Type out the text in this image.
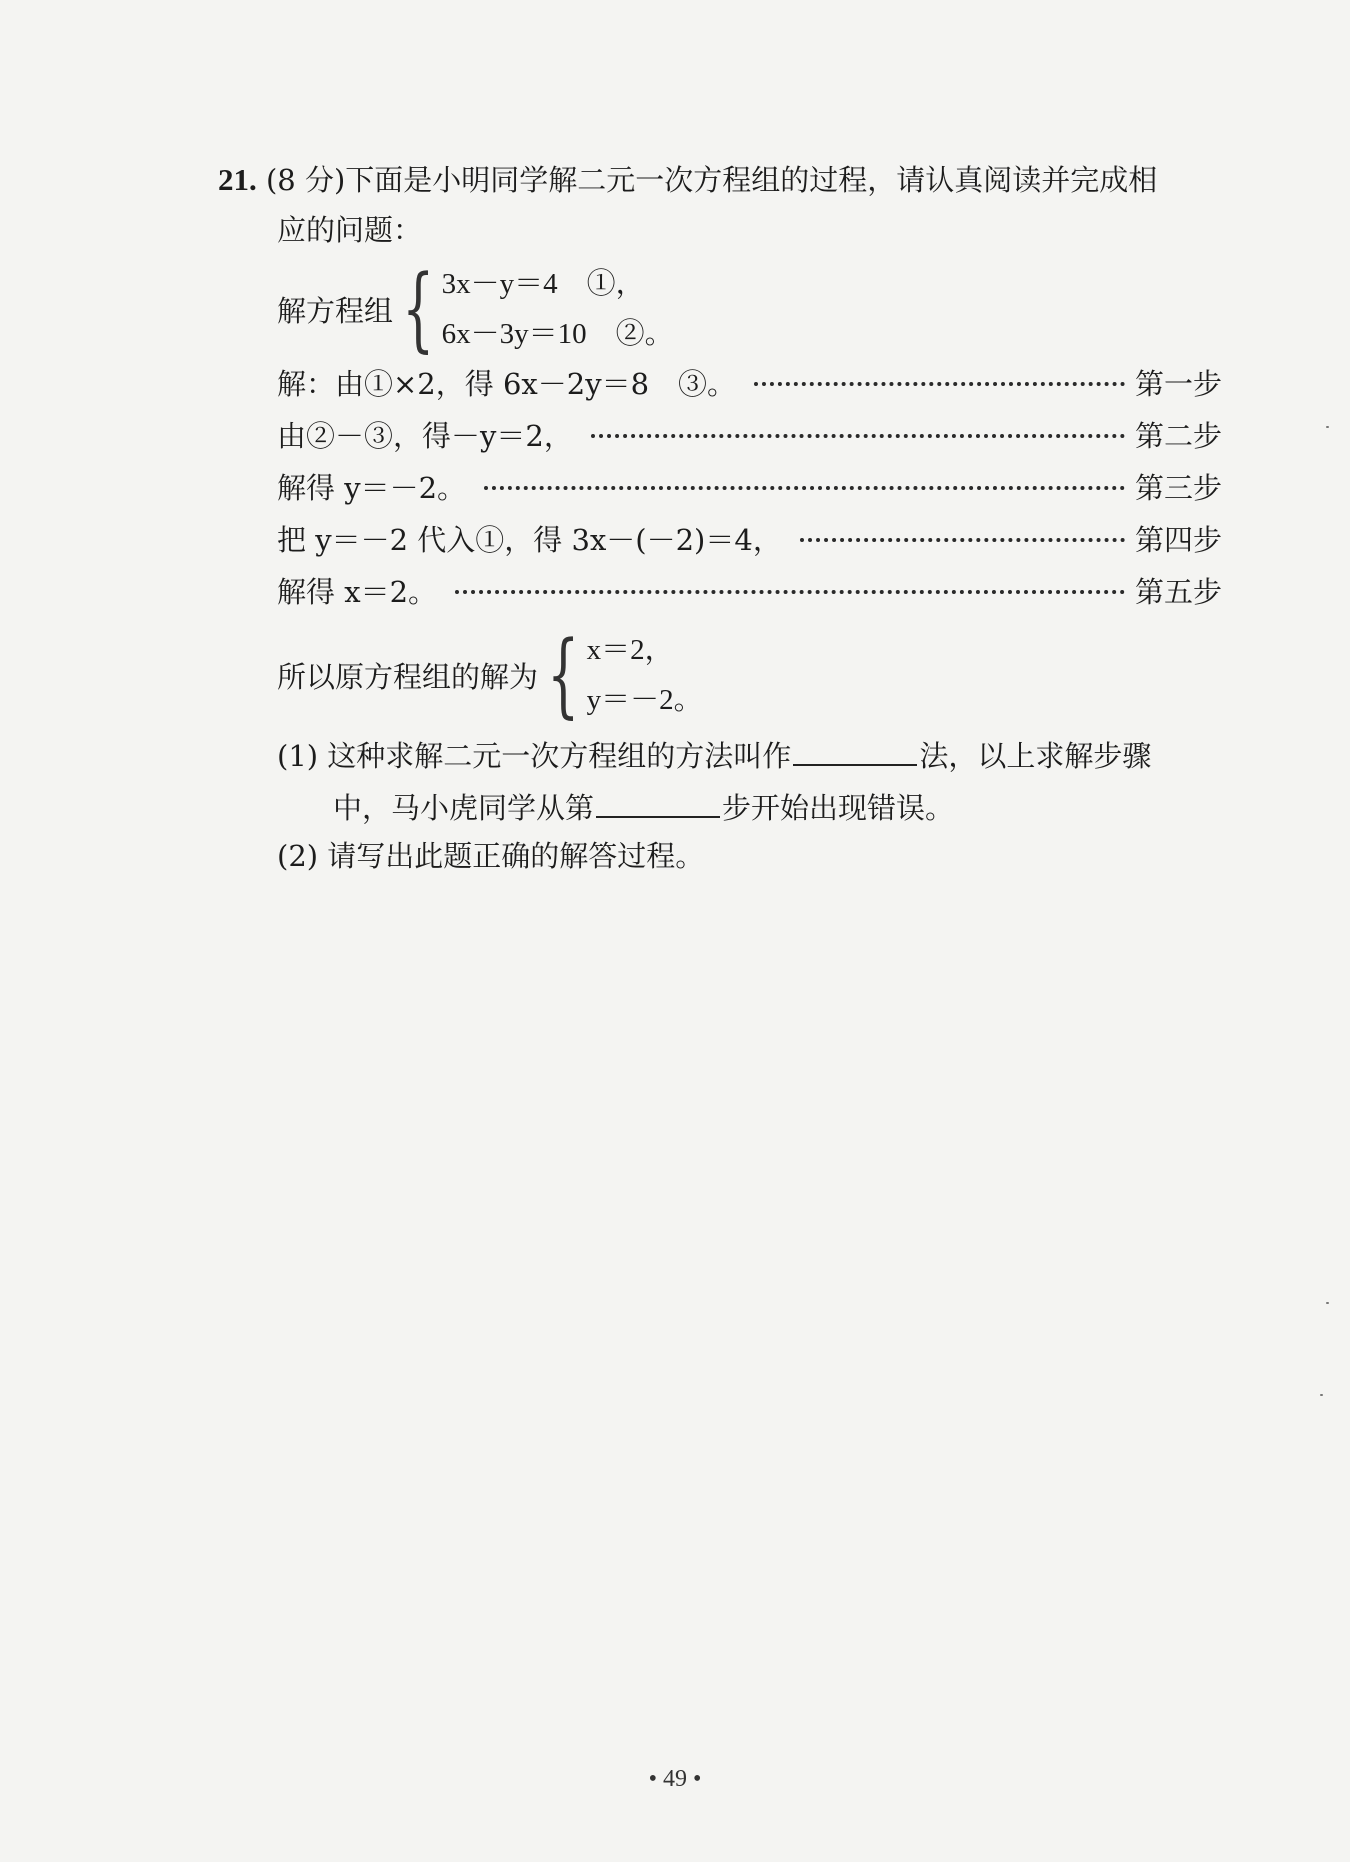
21. (8 分)下面是小明同学解二元一次方程组的过程，请认真阅读并完成相
应的问题：
解方程组 { 3x－y＝4　①，
6x－3y＝10　②。
解：由①×2，得 6x－2y＝8　③。	第一步
由②－③，得－y＝2，	第二步
解得 y＝－2。	第三步
把 y＝－2 代入①，得 3x－(－2)＝4，	第四步
解得 x＝2。	第五步
所以原方程组的解为 { x＝2，
y＝－2。
(1) 这种求解二元一次方程组的方法叫作	法，以上求解步骤
中，马小虎同学从第	步开始出现错误。
(2) 请写出此题正确的解答过程。
• 49 •
